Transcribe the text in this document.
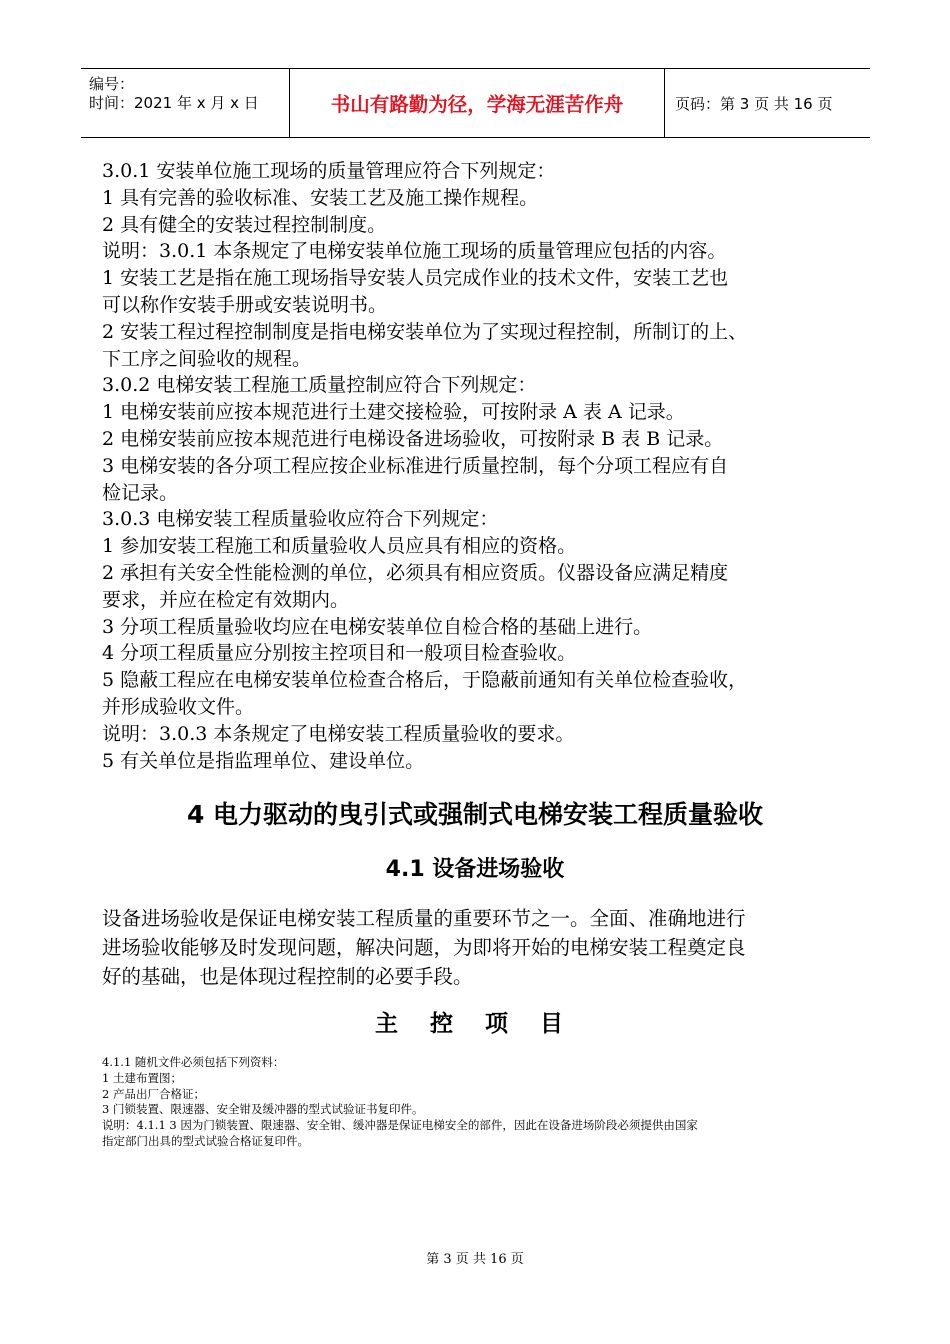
编号：
时间：2021 年 x 月 x 日	书山有路勤为径，学海无涯苦作舟	页码：第 3 页 共 16 页

3.0.1 安装单位施工现场的质量管理应符合下列规定：

1 具有完善的验收标准、安装工艺及施工操作规程。

2 具有健全的安装过程控制制度。

说明：3.0.1 本条规定了电梯安装单位施工现场的质量管理应包括的内容。

1 安装工艺是指在施工现场指导安装人员完成作业的技术文件，安装工艺也

可以称作安装手册或安装说明书。

2 安装工程过程控制制度是指电梯安装单位为了实现过程控制，所制订的上、

下工序之间验收的规程。

3.0.2 电梯安装工程施工质量控制应符合下列规定：

1 电梯安装前应按本规范进行土建交接检验，可按附录 A 表 A 记录。

2 电梯安装前应按本规范进行电梯设备进场验收，可按附录 B 表 B 记录。

3 电梯安装的各分项工程应按企业标准进行质量控制，每个分项工程应有自

检记录。

3.0.3 电梯安装工程质量验收应符合下列规定：

1 参加安装工程施工和质量验收人员应具有相应的资格。

2 承担有关安全性能检测的单位，必须具有相应资质。仪器设备应满足精度

要求，并应在检定有效期内。

3 分项工程质量验收均应在电梯安装单位自检合格的基础上进行。

4 分项工程质量应分别按主控项目和一般项目检查验收。

5 隐蔽工程应在电梯安装单位检查合格后，于隐蔽前通知有关单位检查验收，

并形成验收文件。

说明：3.0.3 本条规定了电梯安装工程质量验收的要求。

5 有关单位是指监理单位、建设单位。

4 电力驱动的曳引式或强制式电梯安装工程质量验收
4.1 设备进场验收

设备进场验收是保证电梯安装工程质量的重要环节之一。全面、准确地进行

进场验收能够及时发现问题，解决问题，为即将开始的电梯安装工程奠定良

好的基础，也是体现过程控制的必要手段。

主 控 项 目

4.1.1 随机文件必须包括下列资料：

1 土建布置图；

2 产品出厂合格证；

3 门锁装置、限速器、安全钳及缓冲器的型式试验证书复印件。

说明：4.1.1 3 因为门锁装置、限速器、安全钳、缓冲器是保证电梯安全的部件，因此在设备进场阶段必须提供由国家

指定部门出具的型式试验合格证复印件。

第 3 页 共 16 页
